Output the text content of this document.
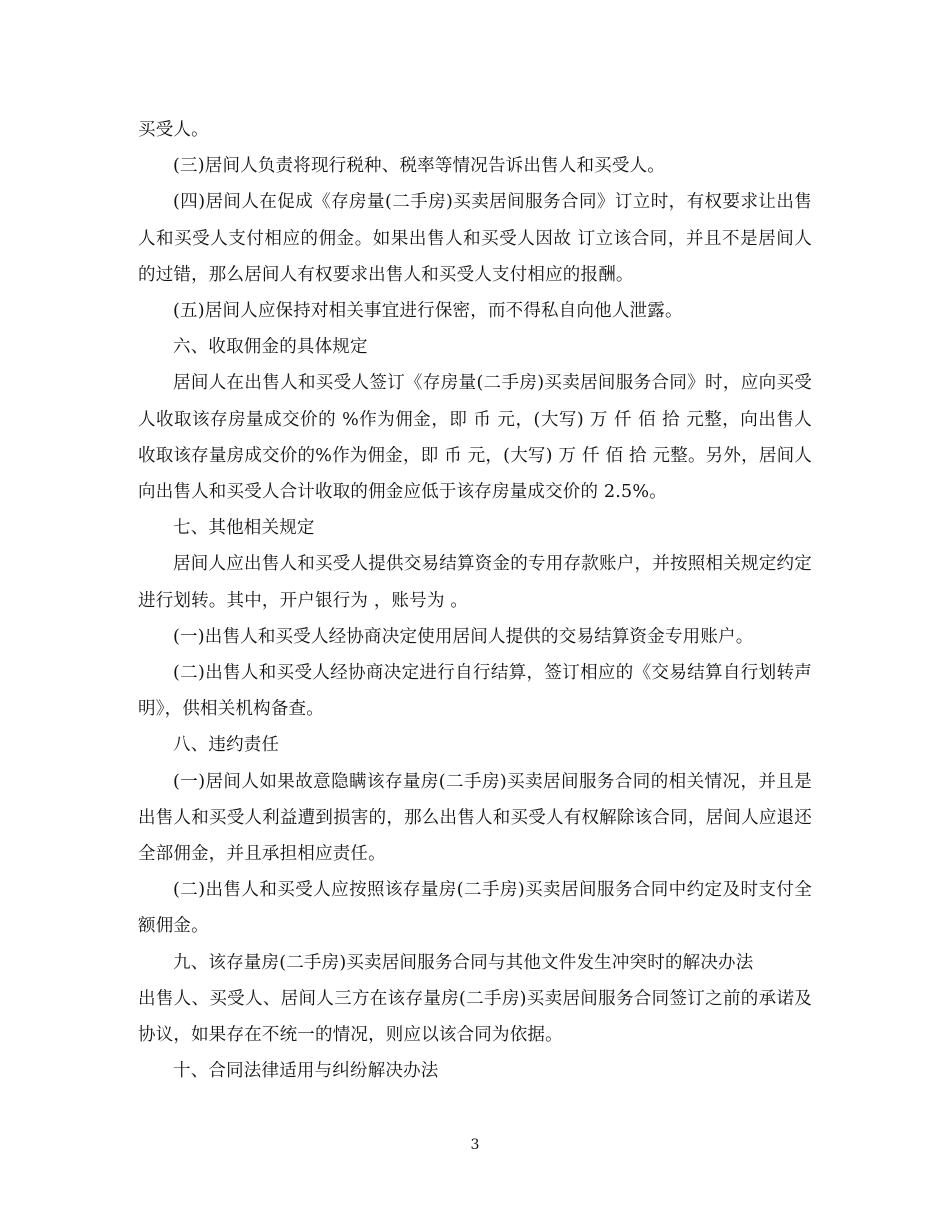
买受人。

(三)居间人负责将现行税种、税率等情况告诉出售人和买受人。

(四)居间人在促成《存房量(二手房)买卖居间服务合同》订立时，有权要求让出售人和买受人支付相应的佣金。如果出售人和买受人因故 订立该合同，并且不是居间人的过错，那么居间人有权要求出售人和买受人支付相应的报酬。

(五)居间人应保持对相关事宜进行保密，而不得私自向他人泄露。

六、收取佣金的具体规定

居间人在出售人和买受人签订《存房量(二手房)买卖居间服务合同》时，应向买受人收取该存房量成交价的 %作为佣金，即 币 元，(大写) 万 仟 佰 拾 元整，向出售人收取该存量房成交价的%作为佣金，即 币 元，(大写) 万 仟 佰 拾 元整。另外，居间人向出售人和买受人合计收取的佣金应低于该存房量成交价的 2.5%。

七、其他相关规定

居间人应出售人和买受人提供交易结算资金的专用存款账户，并按照相关规定约定进行划转。其中，开户银行为 ，账号为 。

(一)出售人和买受人经协商决定使用居间人提供的交易结算资金专用账户。

(二)出售人和买受人经协商决定进行自行结算，签订相应的《交易结算自行划转声明》，供相关机构备查。

八、违约责任

(一)居间人如果故意隐瞒该存量房(二手房)买卖居间服务合同的相关情况，并且是出售人和买受人利益遭到损害的，那么出售人和买受人有权解除该合同，居间人应退还全部佣金，并且承担相应责任。

(二)出售人和买受人应按照该存量房(二手房)买卖居间服务合同中约定及时支付全额佣金。

九、该存量房(二手房)买卖居间服务合同与其他文件发生冲突时的解决办法

出售人、买受人、居间人三方在该存量房(二手房)买卖居间服务合同签订之前的承诺及协议，如果存在不统一的情况，则应以该合同为依据。

十、合同法律适用与纠纷解决办法

3
